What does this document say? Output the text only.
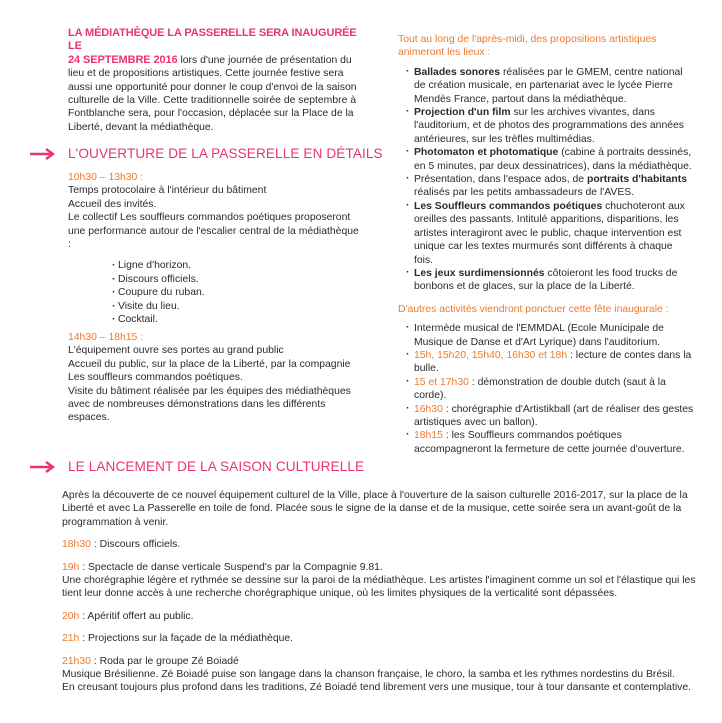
LA MÉDIATHÈQUE LA PASSERELLE SERA INAUGURÉE LE
24 SEPTEMBRE 2016 lors d'une journée de présentation du lieu et de propositions artistiques. Cette journée festive sera aussi une opportunité pour donner le coup d'envoi de la saison culturelle de la Ville. Cette traditionnelle soirée de septembre à Fontblanche sera, pour l'occasion, déplacée sur la Place de la Liberté, devant la médiathèque.
L'OUVERTURE DE LA PASSERELLE EN DÉTAILS
10h30 – 13h30 :
Temps protocolaire à l'intérieur du bâtiment
Accueil des invités.
Le collectif Les souffleurs commandos poétiques proposeront une performance autour de l'escalier central de la médiathèque :
· Ligne d'horizon.
· Discours officiels.
· Coupure du ruban.
· Visite du lieu.
· Cocktail.
14h30 – 18h15 :
L'équipement ouvre ses portes au grand public
Accueil du public, sur la place de la Liberté, par la compagnie Les souffleurs commandos poétiques.
Visite du bâtiment réalisée par les équipes des médiathèques avec de nombreuses démonstrations dans les différents espaces.
Tout au long de l'après-midi, des propositions artistiques animeront les lieux :
· Ballades sonores réalisées par le GMEM, centre national de création musicale, en partenariat avec le lycée Pierre Mendès France, partout dans la médiathèque.
· Projection d'un film sur les archives vivantes, dans l'auditorium, et de photos des programmations des années antérieures, sur les trèfles multimédias.
· Photomaton et photomatique (cabine à portraits dessinés, en 5 minutes, par deux dessinatrices), dans la médiathèque.
· Présentation, dans l'espace ados, de portraits d'habitants réalisés par les petits ambassadeurs de l'AVES.
· Les Souffleurs commandos poétiques chuchoteront aux oreilles des passants. Intitulé apparitions, disparitions, les artistes interagiront avec le public, chaque intervention est unique car les textes murmurés sont différents à chaque fois.
· Les jeux surdimensionnés côtoieront les food trucks de bonbons et de glaces, sur la place de la Liberté.
D'autres activités viendront ponctuer cette fête inaugurale :
· Intermède musical de l'EMMDAL (Ecole Municipale de Musique de Danse et d'Art Lyrique) dans l'auditorium.
· 15h, 15h20, 15h40, 16h30 et 18h : lecture de contes dans la bulle.
· 15 et 17h30 : démonstration de double dutch (saut à la corde).
· 16h30 : chorégraphie d'Artistikball (art de réaliser des gestes artistiques avec un ballon).
· 18h15 : les Souffleurs commandos poétiques accompagneront la fermeture de cette journée d'ouverture.
LE LANCEMENT DE LA SAISON CULTURELLE
Après la découverte de ce nouvel équipement culturel de la Ville, place à l'ouverture de la saison culturelle 2016-2017, sur la place de la Liberté et avec La Passerelle en toile de fond. Placée sous le signe de la danse et de la musique, cette soirée sera un avant-goût de la programmation à venir.
18h30 : Discours officiels.
19h : Spectacle de danse verticale Suspend's par la Compagnie 9.81.
Une chorégraphie légère et rythmée se dessine sur la paroi de la médiathèque. Les artistes l'imaginent comme un sol et l'élastique qui les tient leur donne accès à une recherche chorégraphique unique, où les limites physiques de la verticalité sont dépassées.
20h : Apéritif offert au public.
21h : Projections sur la façade de la médiathèque.
21h30 : Roda par le groupe Zé Boiadé
Musique Brésilienne. Zé Boiadé puise son langage dans la chanson française, le choro, la samba et les rythmes nordestins du Brésil.
En creusant toujours plus profond dans les traditions, Zé Boiadé tend librement vers une musique, tour à tour dansante et contemplative.
